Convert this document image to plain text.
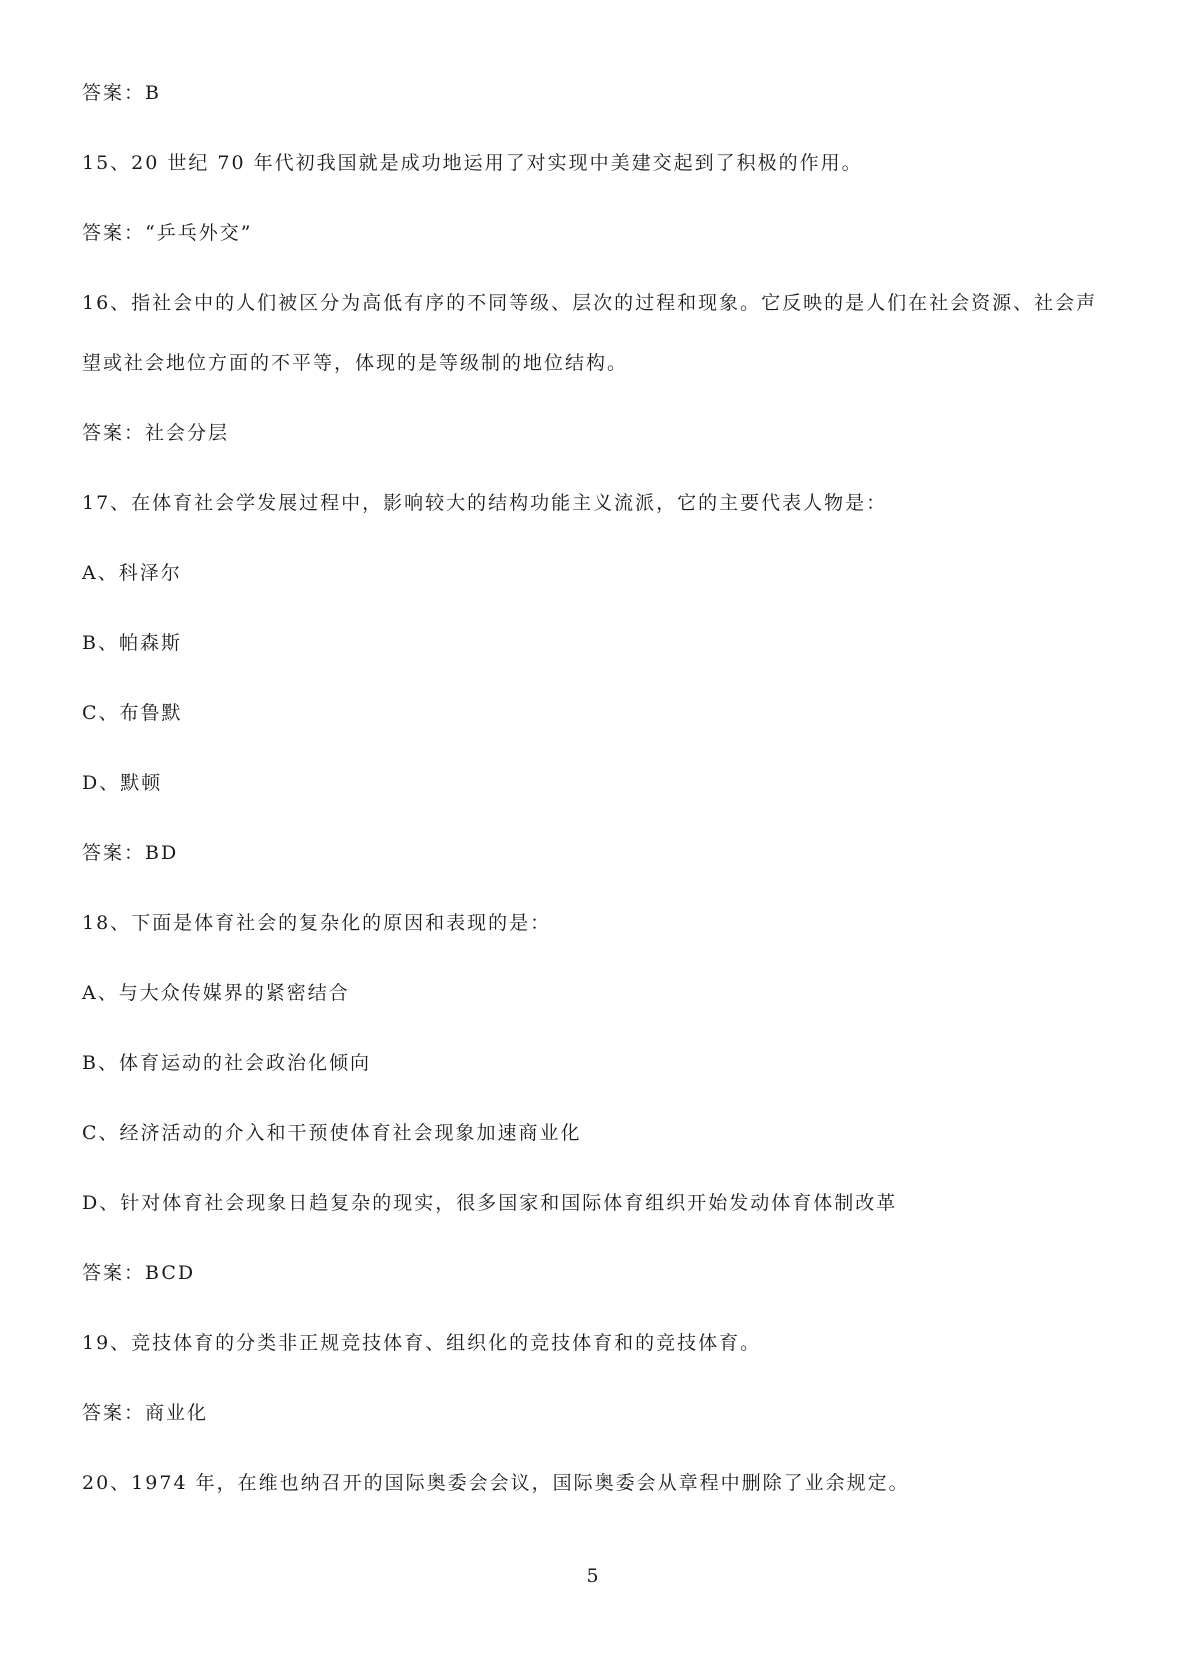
答案：B
15、20 世纪 70 年代初我国就是成功地运用了对实现中美建交起到了积极的作用。
答案：“乒乓外交”
16、指社会中的人们被区分为高低有序的不同等级、层次的过程和现象。它反映的是人们在社会资源、社会声
望或社会地位方面的不平等，体现的是等级制的地位结构。
答案：社会分层
17、在体育社会学发展过程中，影响较大的结构功能主义流派，它的主要代表人物是：
A、科泽尔
B、帕森斯
C、布鲁默
D、默顿
答案：BD
18、下面是体育社会的复杂化的原因和表现的是：
A、与大众传媒界的紧密结合
B、体育运动的社会政治化倾向
C、经济活动的介入和干预使体育社会现象加速商业化
D、针对体育社会现象日趋复杂的现实，很多国家和国际体育组织开始发动体育体制改革
答案：BCD
19、竞技体育的分类非正规竞技体育、组织化的竞技体育和的竞技体育。
答案：商业化
20、1974 年，在维也纳召开的国际奥委会会议，国际奥委会从章程中删除了业余规定。
5
